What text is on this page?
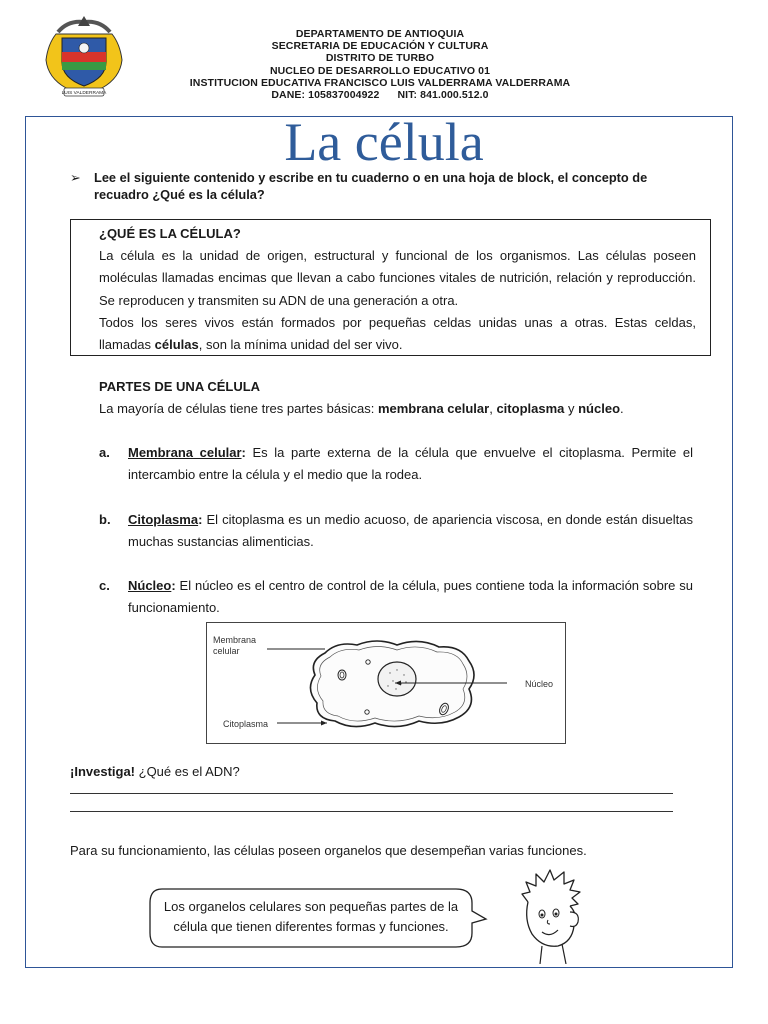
LUIS VALDERRAMA
DEPARTAMENTO DE ANTIOQUIA
SECRETARIA DE EDUCACIÓN Y CULTURA
DISTRITO DE TURBO
NUCLEO DE DESARROLLO EDUCATIVO 01
INSTITUCION EDUCATIVA FRANCISCO LUIS VALDERRAMA VALDERRAMA
DANE: 105837004922      NIT: 841.000.512.0
La célula
➢ Lee el siguiente contenido y escribe en tu cuaderno o en una hoja de block, el concepto de recuadro ¿Qué es la célula?
¿QUÉ ES LA CÉLULA?

La célula es la unidad de origen, estructural y funcional de los organismos. Las células poseen moléculas llamadas encimas que llevan a cabo funciones vitales de nutrición, relación y reproducción. Se reproducen y transmiten su ADN de una generación a otra.

Todos los seres vivos están formados por pequeñas celdas unidas unas a otras. Estas celdas, llamadas células, son la mínima unidad del ser vivo.

PARTES DE UNA CÉLULA

La mayoría de células tiene tres partes básicas: membrana celular, citoplasma y núcleo.

a. Membrana celular: Es la parte externa de la célula que envuelve el citoplasma. Permite el intercambio entre la célula y el medio que la rodea.
b. Citoplasma: El citoplasma es un medio acuoso, de apariencia viscosa, en donde están disueltas muchas sustancias alimenticias.
c. Núcleo: El núcleo es el centro de control de la célula, pues contiene toda la información sobre su funcionamiento.
Membrana
celular
Núcleo
Citoplasma
¡Investiga! ¿Qué es el ADN?
Para su funcionamiento, las células poseen organelos que desempeñan varias funciones.
Los organelos celulares son pequeñas partes de la
célula que tienen diferentes formas y funciones.
